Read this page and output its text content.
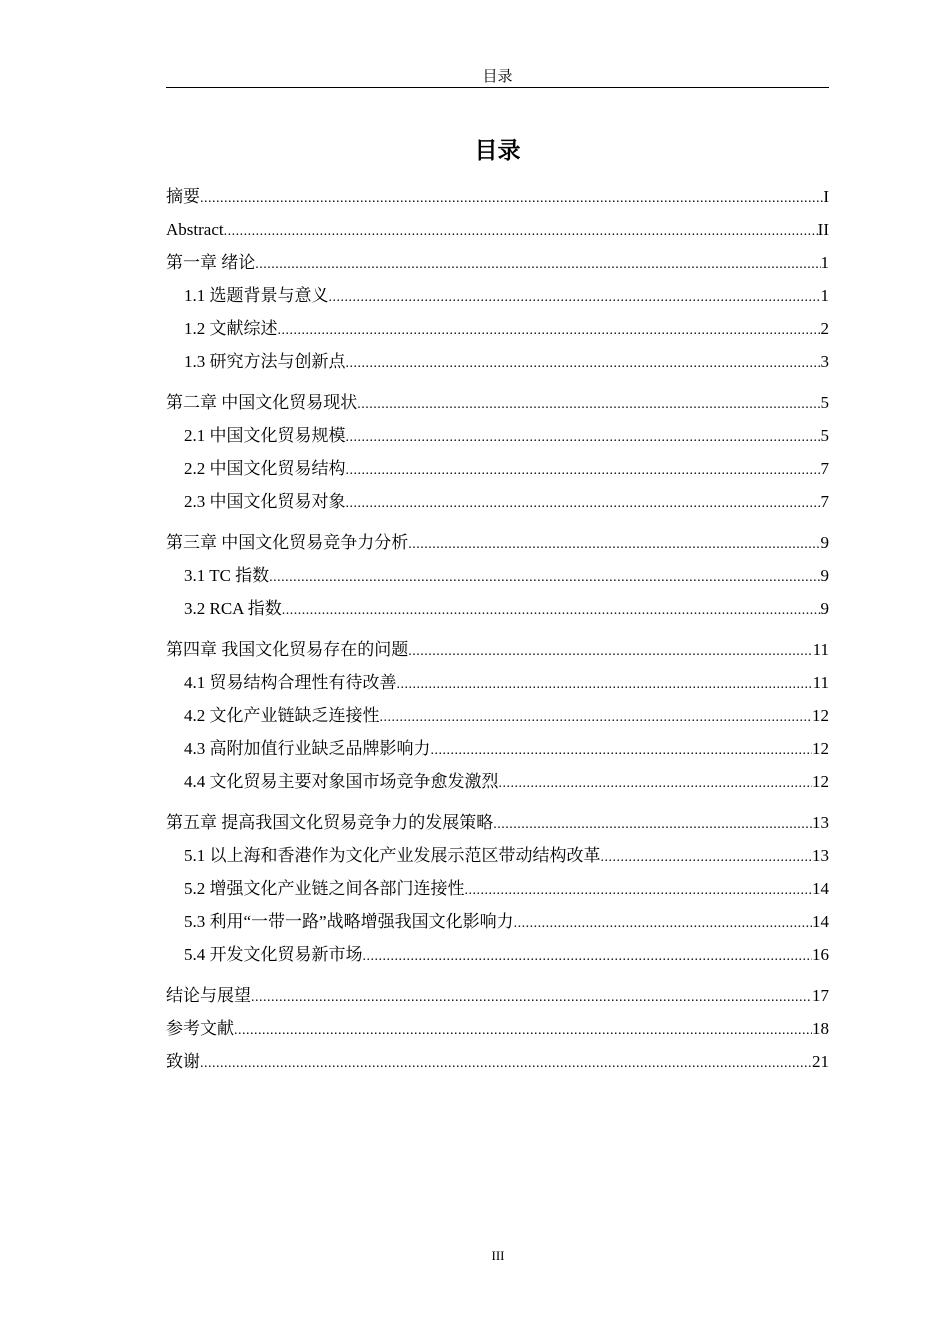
目录
目录
摘要 .....	I
Abstract .....	II
第一章 绪论 .....	1
1.1 选题背景与意义 .....	1
1.2 文献综述 .....	2
1.3 研究方法与创新点 .....	3
第二章 中国文化贸易现状 .....	5
2.1 中国文化贸易规模 .....	5
2.2 中国文化贸易结构 .....	7
2.3 中国文化贸易对象 .....	7
第三章 中国文化贸易竞争力分析 .....	9
3.1 TC 指数 .....	9
3.2 RCA 指数 .....	9
第四章 我国文化贸易存在的问题 .....	11
4.1 贸易结构合理性有待改善 .....	11
4.2 文化产业链缺乏连接性 .....	12
4.3 高附加值行业缺乏品牌影响力 .....	12
4.4 文化贸易主要对象国市场竞争愈发激烈 .....	12
第五章 提高我国文化贸易竞争力的发展策略 .....	13
5.1 以上海和香港作为文化产业发展示范区带动结构改革 .....	13
5.2 增强文化产业链之间各部门连接性 .....	14
5.3 利用“一带一路”战略增强我国文化影响力 .....	14
5.4 开发文化贸易新市场 .....	16
结论与展望 .....	17
参考文献 .....	18
致谢 .....	21
III
